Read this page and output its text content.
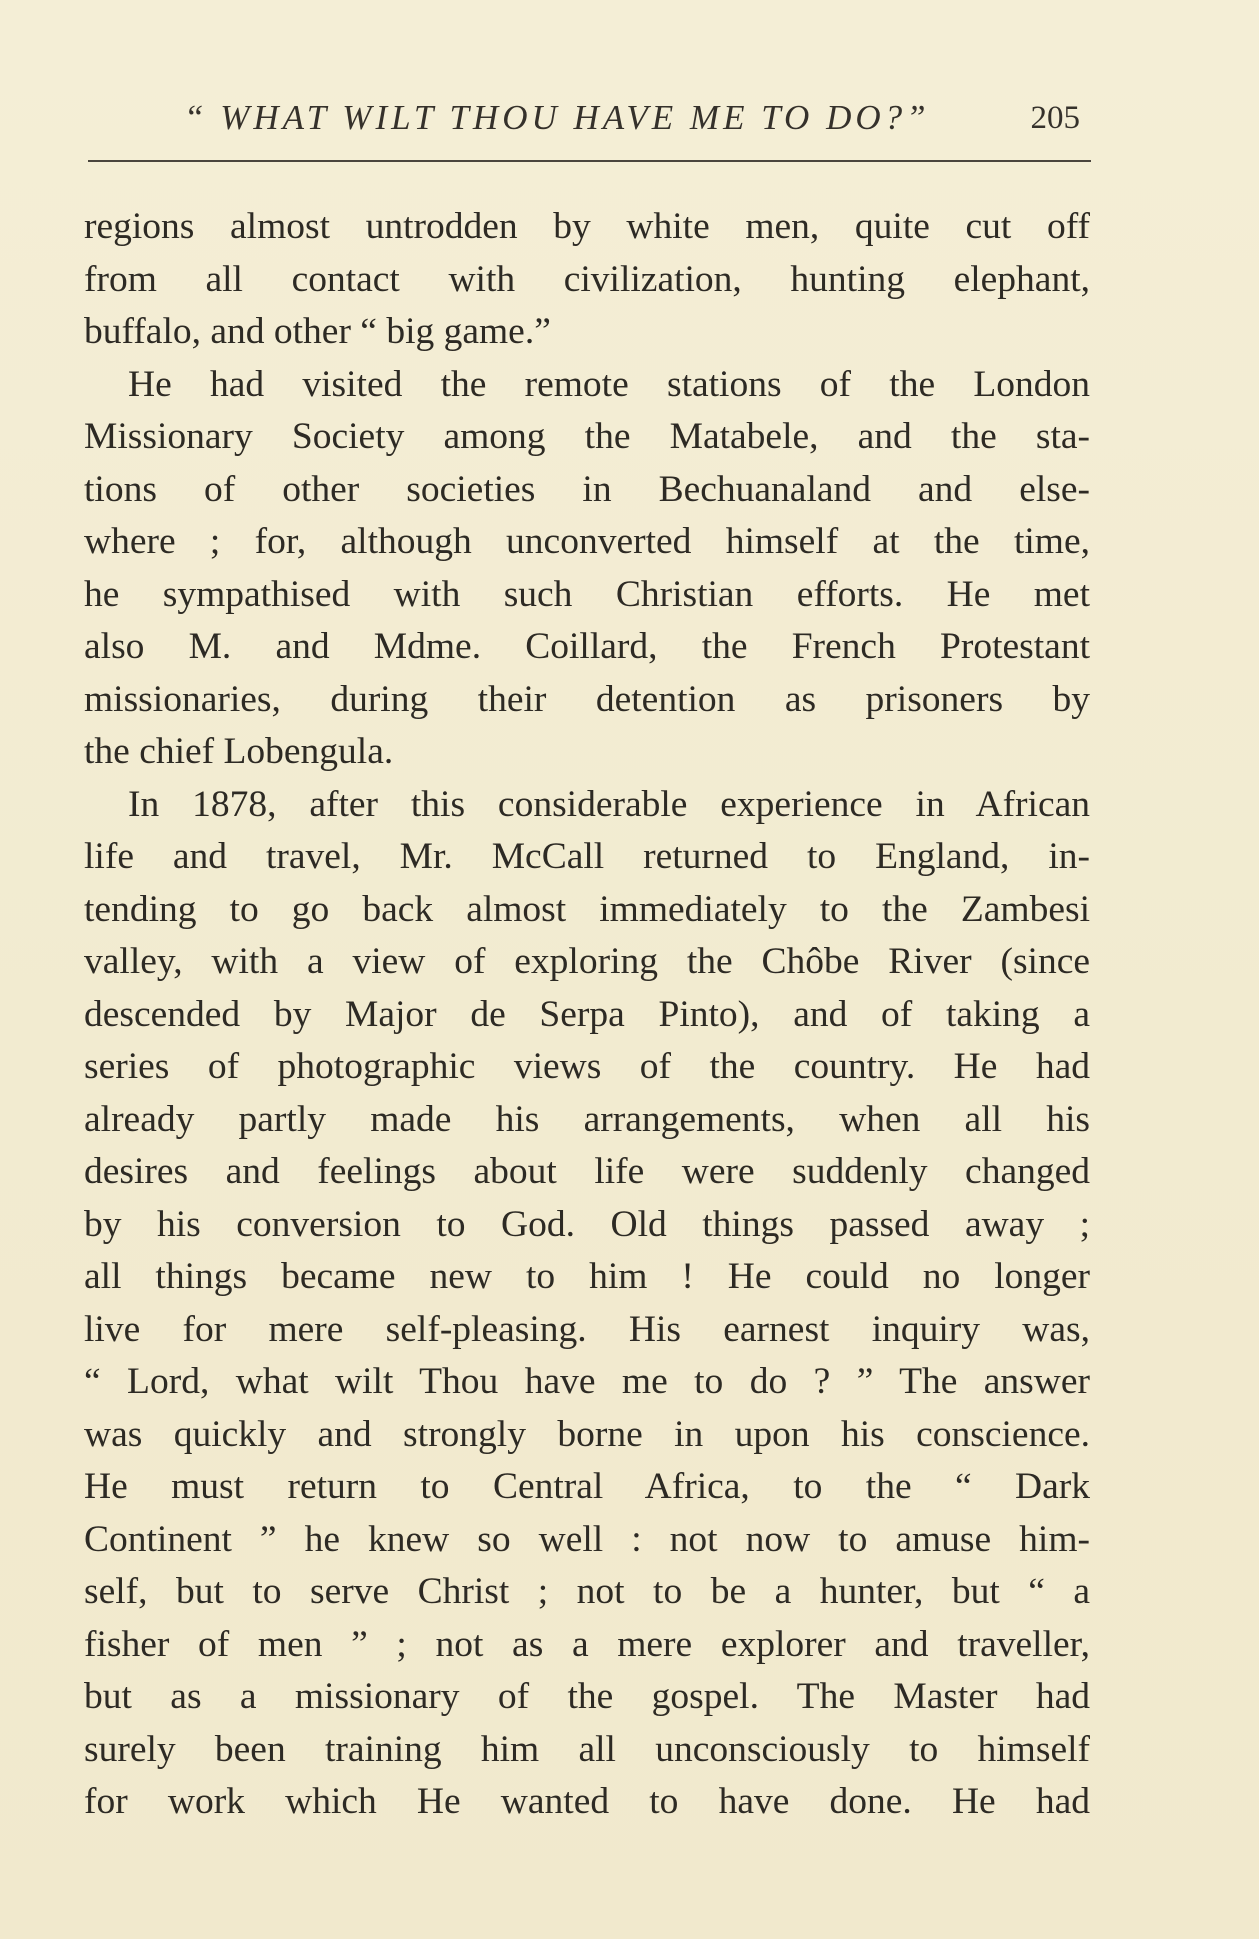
“ WHAT WILT THOU HAVE ME TO DO?”	205
regions almost untrodden by white men, quite cut off
from all contact with civilization, hunting elephant,
buffalo, and other “ big game.”
He had visited the remote stations of the London
Missionary Society among the Matabele, and the sta-
tions of other societies in Bechuanaland and else-
where ; for, although unconverted himself at the time,
he sympathised with such Christian efforts. He met
also M. and Mdme. Coillard, the French Protestant
missionaries, during their detention as prisoners by
the chief Lobengula.
In 1878, after this considerable experience in African
life and travel, Mr. McCall returned to England, in-
tending to go back almost immediately to the Zambesi
valley, with a view of exploring the Chôbe River (since
descended by Major de Serpa Pinto), and of taking a
series of photographic views of the country. He had
already partly made his arrangements, when all his
desires and feelings about life were suddenly changed
by his conversion to God. Old things passed away ;
all things became new to him ! He could no longer
live for mere self-pleasing. His earnest inquiry was,
“ Lord, what wilt Thou have me to do ? ” The answer
was quickly and strongly borne in upon his conscience.
He must return to Central Africa, to the “ Dark
Continent ” he knew so well : not now to amuse him-
self, but to serve Christ ; not to be a hunter, but “ a
fisher of men ” ; not as a mere explorer and traveller,
but as a missionary of the gospel. The Master had
surely been training him all unconsciously to himself
for work which He wanted to have done. He had
